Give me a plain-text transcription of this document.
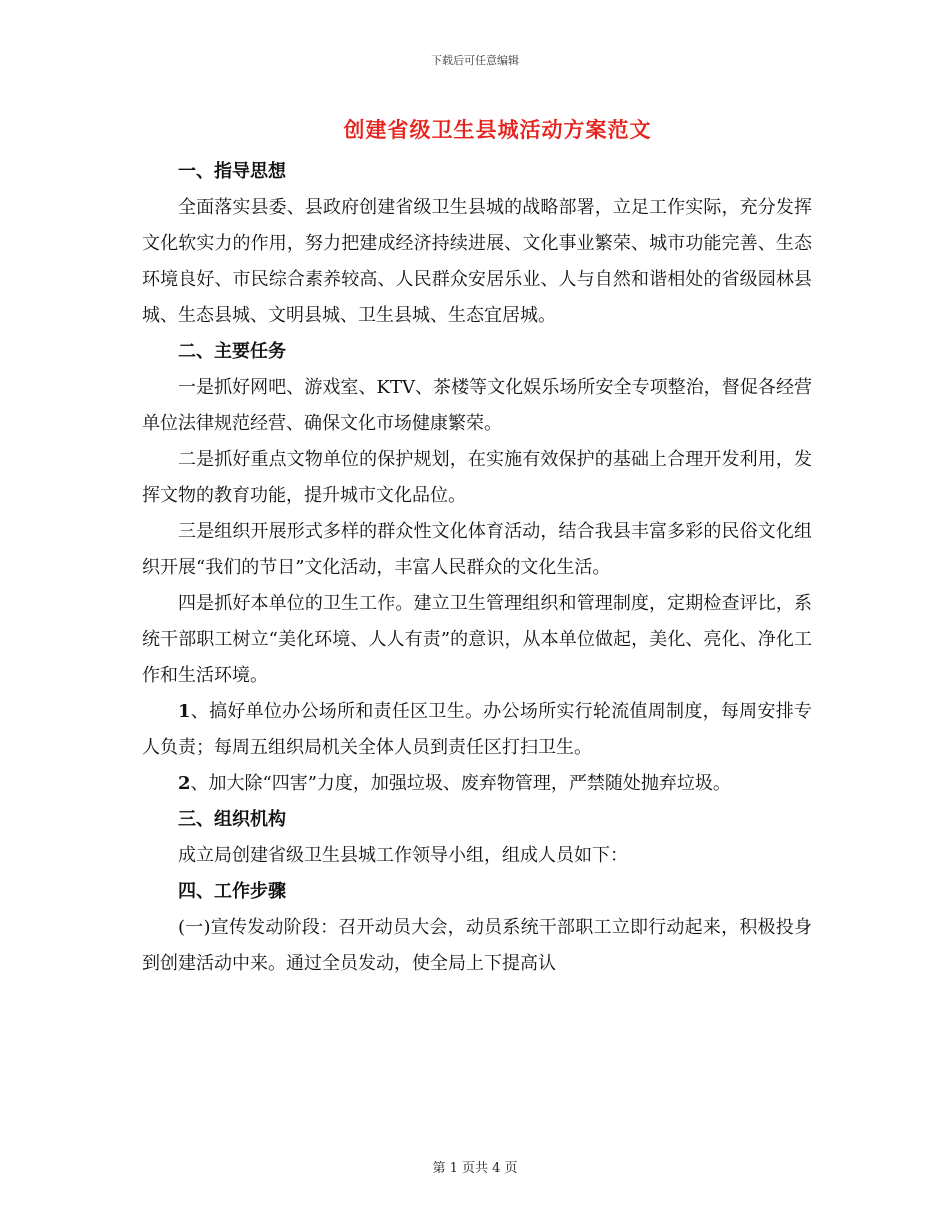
下载后可任意编辑
创建省级卫生县城活动方案范文

一、指导思想

全面落实县委、县政府创建省级卫生县城的战略部署，立足工作实际，充分发挥文化软实力的作用，努力把建成经济持续进展、文化事业繁荣、城市功能完善、生态环境良好、市民综合素养较高、人民群众安居乐业、人与自然和谐相处的省级园林县城、生态县城、文明县城、卫生县城、生态宜居城。

二、主要任务

一是抓好网吧、游戏室、KTV、茶楼等文化娱乐场所安全专项整治，督促各经营单位法律规范经营、确保文化市场健康繁荣。

二是抓好重点文物单位的保护规划，在实施有效保护的基础上合理开发利用，发挥文物的教育功能，提升城市文化品位。

三是组织开展形式多样的群众性文化体育活动，结合我县丰富多彩的民俗文化组织开展“我们的节日”文化活动，丰富人民群众的文化生活。

四是抓好本单位的卫生工作。建立卫生管理组织和管理制度，定期检查评比，系统干部职工树立“美化环境、人人有责”的意识，从本单位做起，美化、亮化、净化工作和生活环境。

1、搞好单位办公场所和责任区卫生。办公场所实行轮流值周制度，每周安排专人负责；每周五组织局机关全体人员到责任区打扫卫生。

2、加大除“四害”力度，加强垃圾、废弃物管理，严禁随处抛弃垃圾。

三、组织机构

成立局创建省级卫生县城工作领导小组，组成人员如下：

四、工作步骤

(一)宣传发动阶段：召开动员大会，动员系统干部职工立即行动起来，积极投身到创建活动中来。通过全员发动，使全局上下提高认

第 1 页共 4 页
